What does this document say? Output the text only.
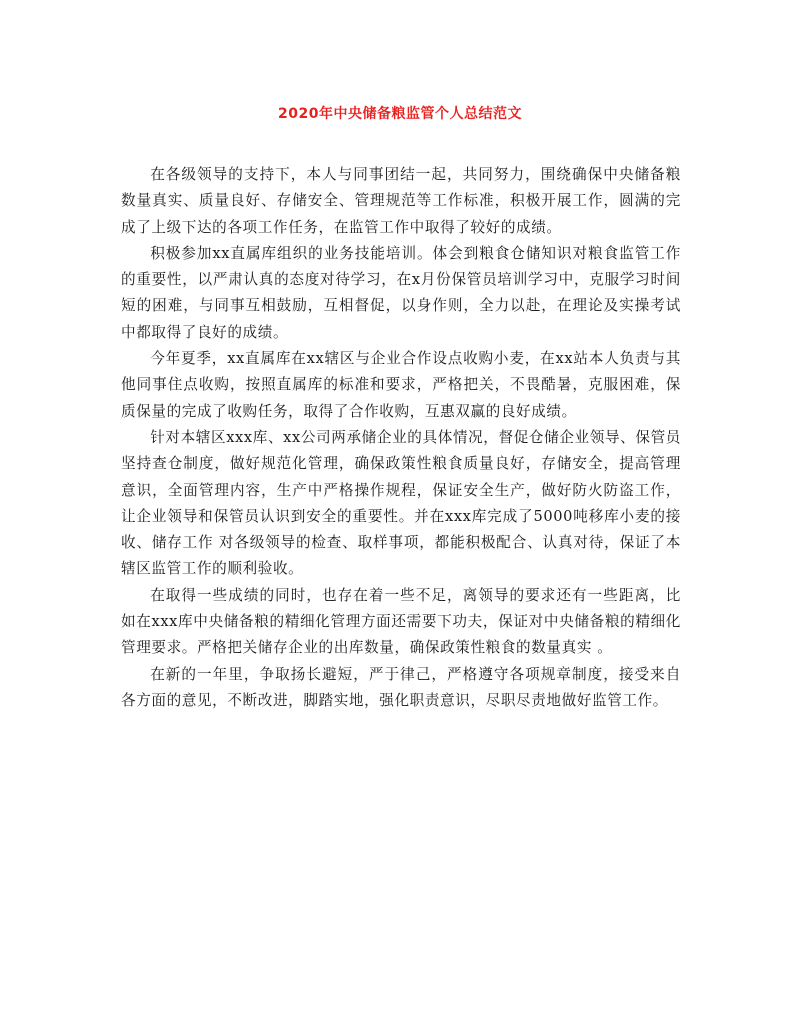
2020年中央储备粮监管个人总结范文

在各级领导的支持下，本人与同事团结一起，共同努力，围绕确保中央储备粮数量真实、质量良好、存储安全、管理规范等工作标准，积极开展工作，圆满的完成了上级下达的各项工作任务，在监管工作中取得了较好的成绩。

积极参加xx直属库组织的业务技能培训。体会到粮食仓储知识对粮食监管工作的重要性，以严肃认真的态度对待学习，在x月份保管员培训学习中，克服学习时间短的困难，与同事互相鼓励，互相督促，以身作则，全力以赴，在理论及实操考试中都取得了良好的成绩。

今年夏季，xx直属库在xx辖区与企业合作设点收购小麦，在xx站本人负责与其他同事住点收购，按照直属库的标准和要求，严格把关，不畏酷暑，克服困难，保质保量的完成了收购任务，取得了合作收购，互惠双赢的良好成绩。

针对本辖区xxx库、xx公司两承储企业的具体情况，督促仓储企业领导、保管员坚持查仓制度，做好规范化管理，确保政策性粮食质量良好，存储安全，提高管理意识，全面管理内容，生产中严格操作规程，保证安全生产，做好防火防盗工作，让企业领导和保管员认识到安全的重要性。并在xxx库完成了5000吨移库小麦的接收、储存工作 对各级领导的检查、取样事项，都能积极配合、认真对待，保证了本辖区监管工作的顺利验收。

在取得一些成绩的同时，也存在着一些不足，离领导的要求还有一些距离，比如在xxx库中央储备粮的精细化管理方面还需要下功夫，保证对中央储备粮的精细化管理要求。严格把关储存企业的出库数量，确保政策性粮食的数量真实 。

在新的一年里，争取扬长避短，严于律己，严格遵守各项规章制度，接受来自各方面的意见，不断改进，脚踏实地，强化职责意识，尽职尽责地做好监管工作。
